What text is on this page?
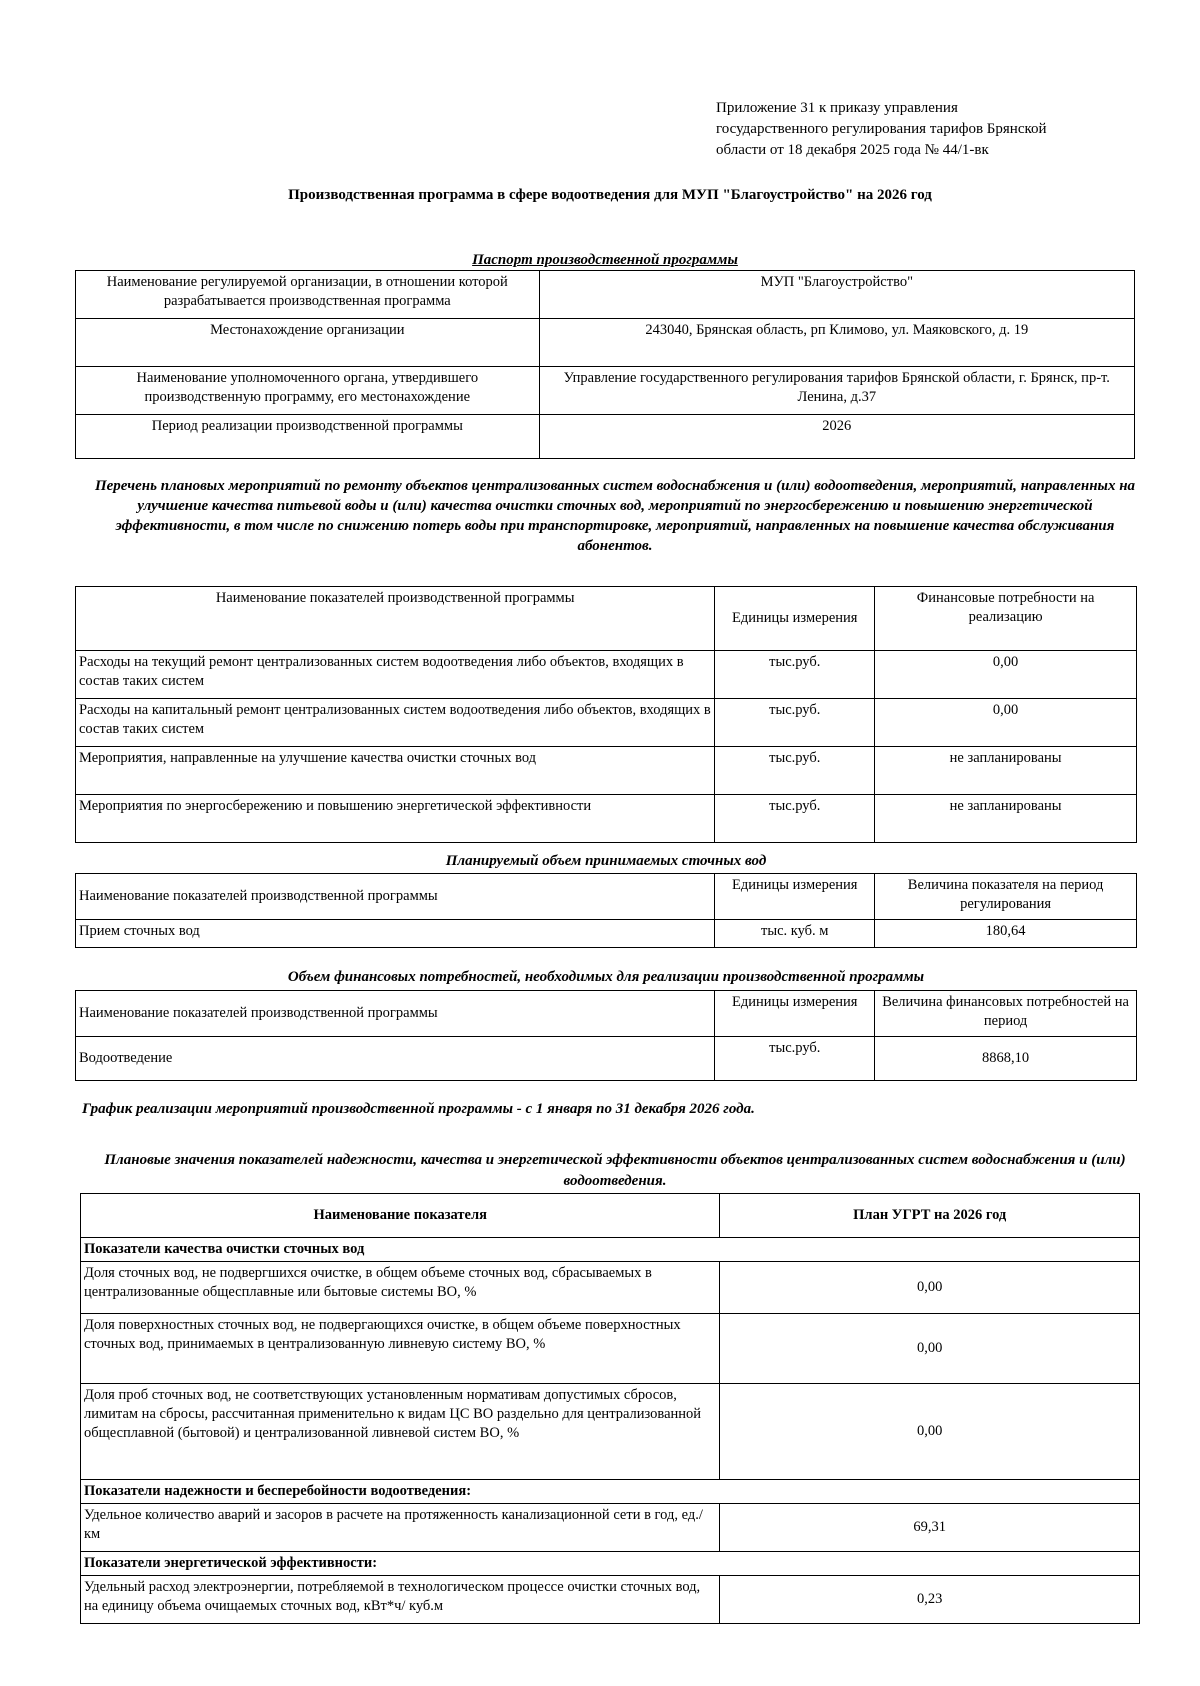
Приложение 31 к приказу управления
государственного регулирования тарифов Брянской
области от 18 декабря 2025 года № 44/1-вк
Производственная программа в сфере водоотведения для МУП "Благоустройство" на 2026 год
Паспорт производственной программы
Наименование регулируемой организации, в отношении которой разрабатывается производственная программа	МУП "Благоустройство"
Местонахождение организации	243040, Брянская область, рп Климово, ул. Маяковского, д. 19
Наименование уполномоченного органа, утвердившего производственную программу, его местонахождение	Управление государственного регулирования тарифов Брянской области, г. Брянск, пр-т. Ленина, д.37
Период реализации производственной программы	2026
Перечень плановых мероприятий по ремонту объектов централизованных систем водоснабжения и (или) водоотведения, мероприятий, направленных на улучшение качества питьевой воды и (или) качества очистки сточных вод, мероприятий по энергосбережению и повышению энергетической эффективности, в том числе по снижению потерь воды при транспортировке, мероприятий, направленных на повышение качества обслуживания абонентов.
Наименование показателей производственной программы	Единицы измерения	Финансовые потребности на реализацию
Расходы на текущий ремонт централизованных систем водоотведения либо объектов, входящих в состав таких систем	тыс.руб.	0,00
Расходы на капитальный ремонт централизованных систем водоотведения либо объектов, входящих в состав таких систем	тыс.руб.	0,00
Мероприятия, направленные на улучшение качества очистки сточных вод	тыс.руб.	не запланированы
Мероприятия по энергосбережению и повышению энергетической эффективности	тыс.руб.	не запланированы
Планируемый объем принимаемых сточных вод
Наименование показателей производственной программы	Единицы измерения	Величина показателя на период регулирования
Прием сточных вод	тыс. куб. м	180,64
Объем финансовых потребностей, необходимых для реализации производственной программы
Наименование показателей производственной программы	Единицы измерения	Величина финансовых потребностей на период
Водоотведение	тыс.руб.	8868,10
График реализации мероприятий производственной программы - с 1 января по 31 декабря 2026 года.
Плановые значения показателей надежности, качества и энергетической эффективности объектов централизованных систем водоснабжения и (или) водоотведения.
Наименование показателя	План УГРТ на 2026 год
Показатели качества очистки сточных вод	
Доля сточных вод, не подвергшихся очистке, в общем объеме сточных вод, сбрасываемых в централизованные общесплавные или бытовые системы ВО, %	0,00
Доля поверхностных сточных вод, не подвергающихся очистке, в общем объеме поверхностных сточных вод, принимаемых в централизованную ливневую систему ВО, %	0,00
Доля проб сточных вод, не соответствующих установленным нормативам допустимых сбросов, лимитам на сбросы, рассчитанная применительно к видам ЦС ВО раздельно для централизованной общесплавной (бытовой) и централизованной ливневой систем ВО, %	0,00
Показатели надежности и бесперебойности водоотведения:	
Удельное количество аварий и засоров в расчете на протяженность канализационной сети в год, ед./км	69,31
Показатели энергетической эффективности:	
Удельный расход электроэнергии, потребляемой в технологическом процессе очистки сточных вод, на единицу объема очищаемых сточных вод, кВт*ч/ куб.м	0,23
